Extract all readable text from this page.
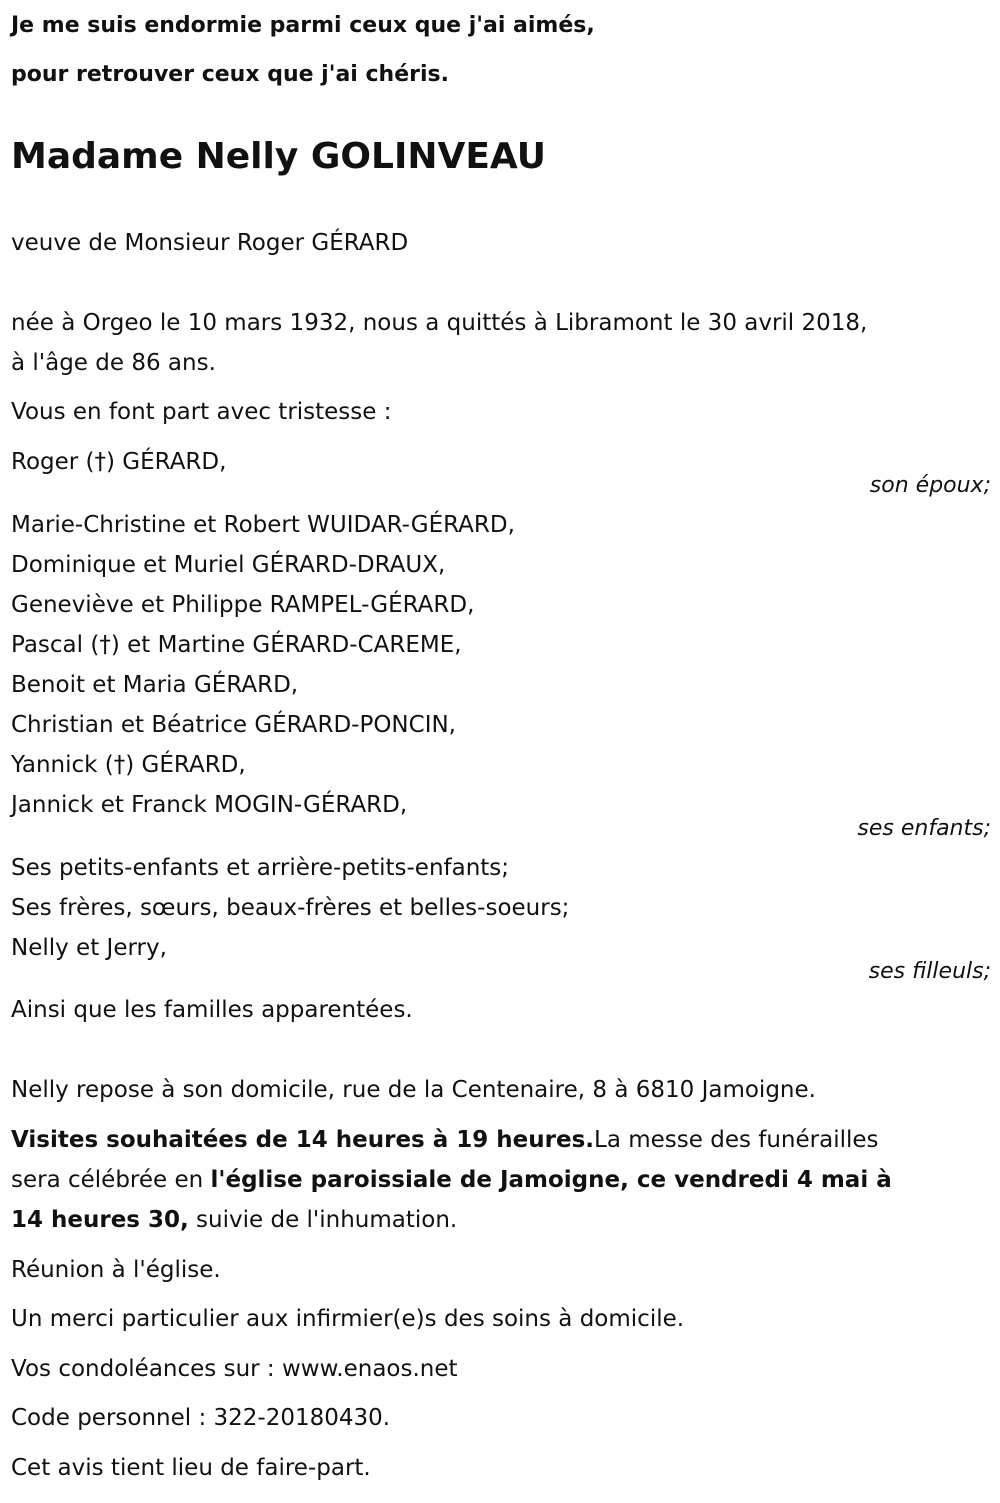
Je me suis endormie parmi ceux que j'ai aimés,
pour retrouver ceux que j'ai chéris.
Madame Nelly GOLINVEAU
veuve de Monsieur Roger GÉRARD
née à Orgeo le 10 mars 1932, nous a quittés à Libramont le 30 avril 2018,
à l'âge de 86 ans.
Vous en font part avec tristesse :
Roger (†) GÉRARD,
son époux;
Marie-Christine et Robert WUIDAR-GÉRARD,
Dominique et Muriel GÉRARD-DRAUX,
Geneviève et Philippe RAMPEL-GÉRARD,
Pascal (†) et Martine GÉRARD-CAREME,
Benoit et Maria GÉRARD,
Christian et Béatrice GÉRARD-PONCIN,
Yannick (†) GÉRARD,
Jannick et Franck MOGIN-GÉRARD,
ses enfants;
Ses petits-enfants et arrière-petits-enfants;
Ses frères, sœurs, beaux-frères et belles-soeurs;
Nelly et Jerry,
ses filleuls;
Ainsi que les familles apparentées.
Nelly repose à son domicile, rue de la Centenaire, 8 à 6810 Jamoigne.
Visites souhaitées de 14 heures à 19 heures.La messe des funérailles
sera célébrée en l'église paroissiale de Jamoigne, ce vendredi 4 mai à
14 heures 30, suivie de l'inhumation.
Réunion à l'église.
Un merci particulier aux infirmier(e)s des soins à domicile.
Vos condoléances sur : www.enaos.net
Code personnel : 322-20180430.
Cet avis tient lieu de faire-part.
